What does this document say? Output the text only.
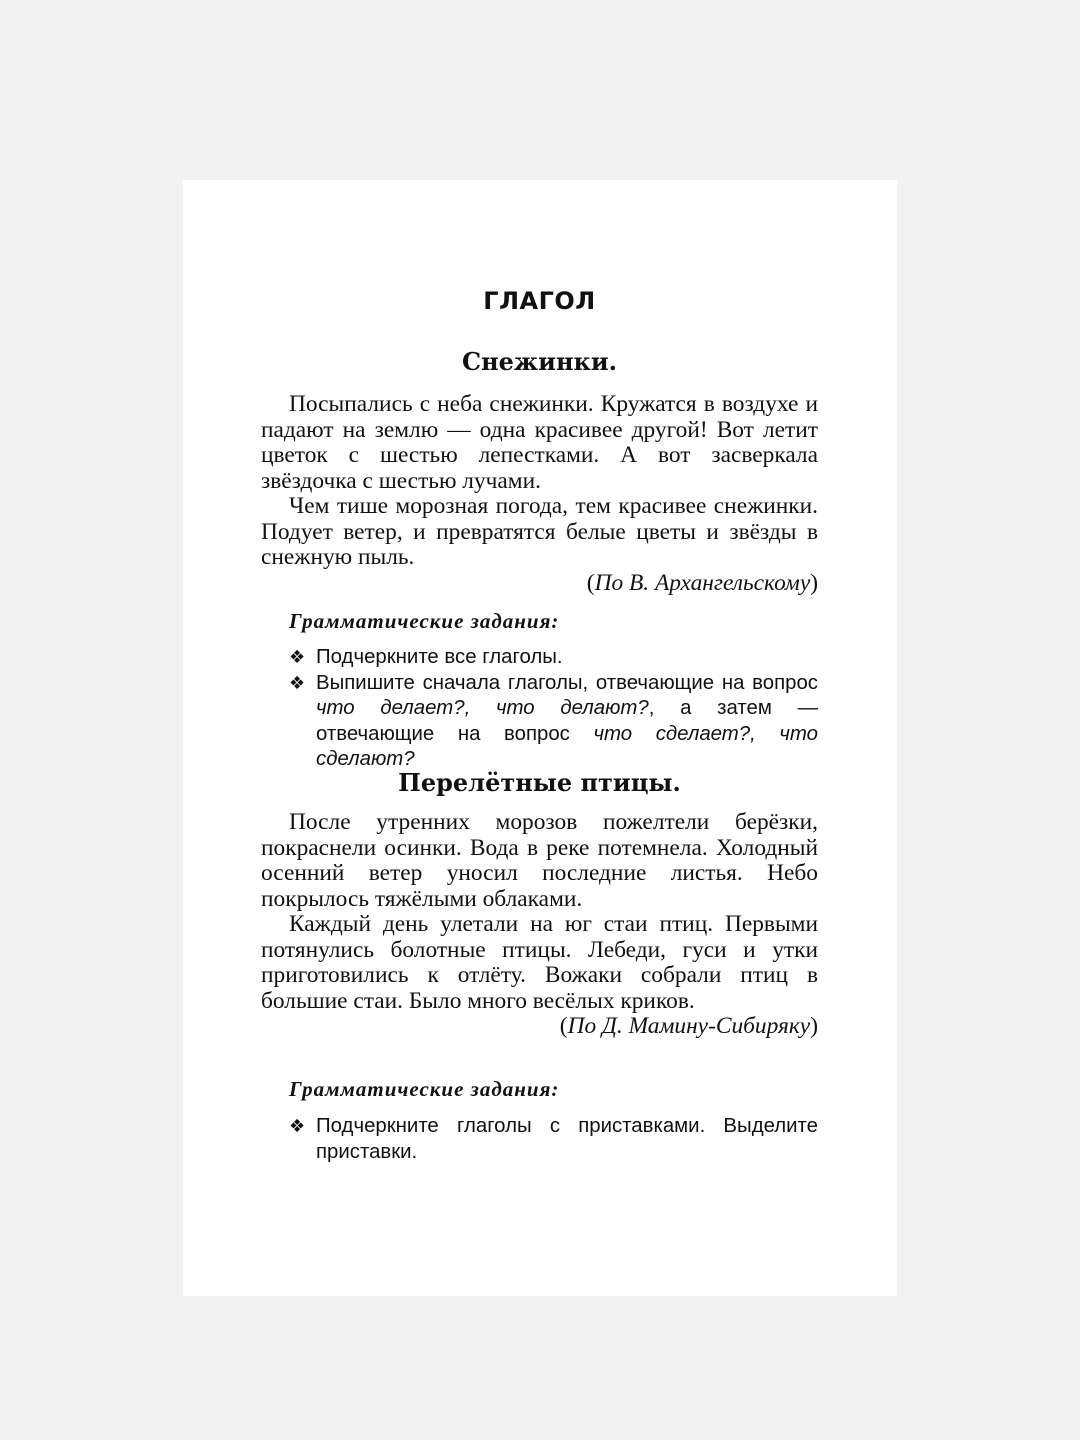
ГЛАГОЛ
Снежинки.

Посыпались с неба снежинки. Кружатся в воздухе и падают на землю — одна красивее другой! Вот летит цветок с шестью лепестками. А вот засверкала звёздочка с шестью лучами.

Чем тише морозная погода, тем красивее снежинки. Подует ветер, и превратятся белые цветы и звёзды в снежную пыль.

(По В. Архангельскому)

Грамматические задания:
❖ Подчеркните все глаголы.
❖ Выпишите сначала глаголы, отвечающие на вопрос что делает?, что делают?, а затем — отвечающие на вопрос что сделает?, что сделают?
Перелётные птицы.

После утренних морозов пожелтели берёзки, покраснели осинки. Вода в реке потемнела. Холодный осенний ветер уносил последние листья. Небо покрылось тяжёлыми облаками.

Каждый день улетали на юг стаи птиц. Первыми потянулись болотные птицы. Лебеди, гуси и утки приготовились к отлёту. Вожаки собрали птиц в большие стаи. Было много весёлых криков.

(По Д. Мамину-Сибиряку)

Грамматические задания:
❖ Подчеркните глаголы с приставками. Выделите приставки.
